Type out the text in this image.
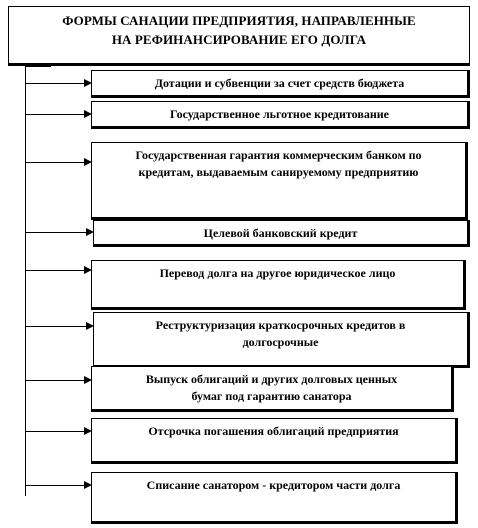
ФОРМЫ САНАЦИИ ПРЕДПРИЯТИЯ, НАПРАВЛЕННЫЕ
НА РЕФИНАНСИРОВАНИЕ ЕГО ДОЛГА
Дотации и субвенции за счет средств бюджета
Государственное льготное кредитование
Государственная гарантия коммерческим банком по
кредитам, выдаваемым санируемому предприятию
Целевой банковский кредит
Перевод долга на другое юридическое лицо
Реструктуризация краткосрочных кредитов в
долгосрочные
Выпуск облигаций и других долговых ценных
бумаг под гарантию санатора
Отсрочка погашения облигаций предприятия
Списание санатором - кредитором части долга
